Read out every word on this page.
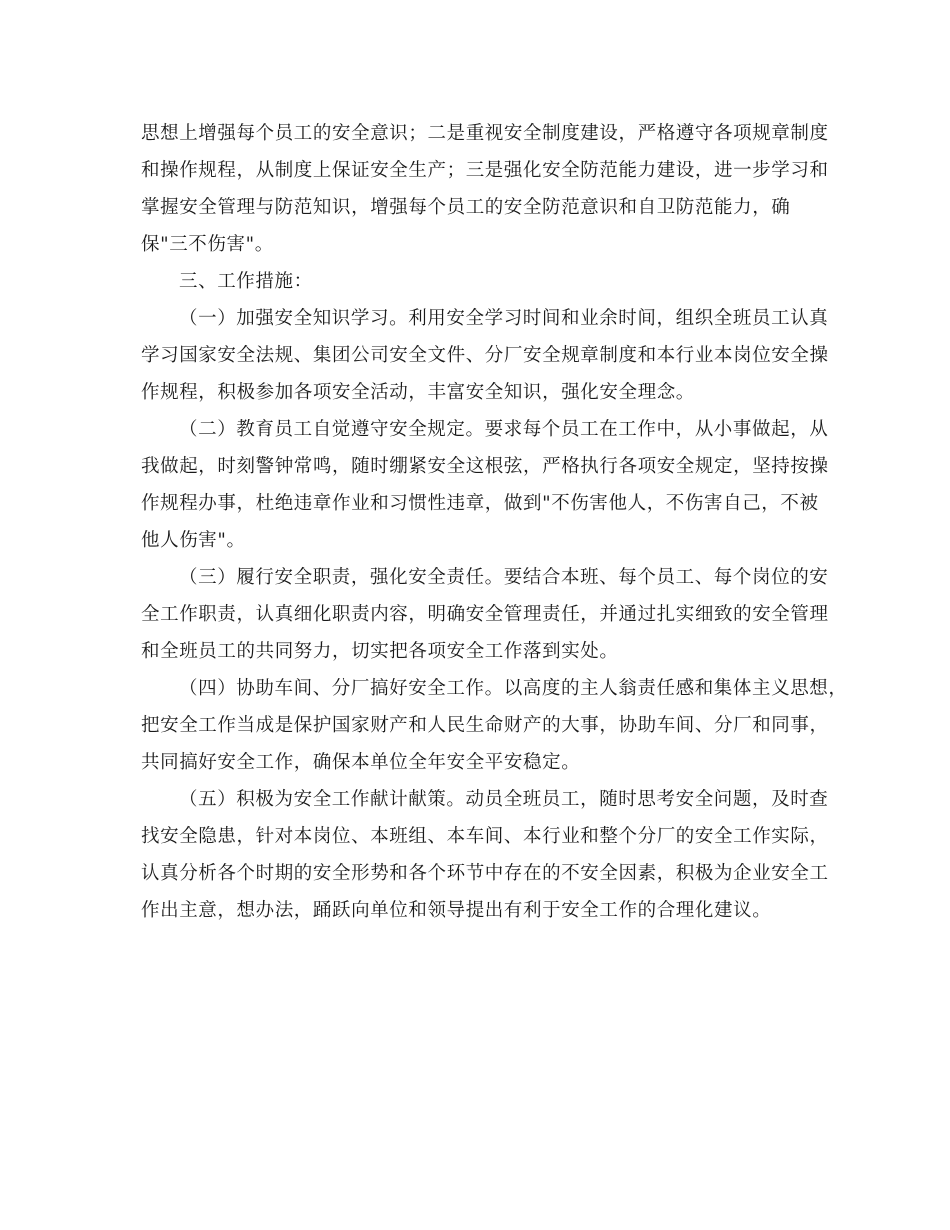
思想上增强每个员工的安全意识；二是重视安全制度建设，严格遵守各项规章制度
和操作规程，从制度上保证安全生产；三是强化安全防范能力建设，进一步学习和
掌握安全管理与防范知识，增强每个员工的安全防范意识和自卫防范能力，确
保"三不伤害"。
三、工作措施：
（一）加强安全知识学习。利用安全学习时间和业余时间，组织全班员工认真
学习国家安全法规、集团公司安全文件、分厂安全规章制度和本行业本岗位安全操
作规程，积极参加各项安全活动，丰富安全知识，强化安全理念。
（二）教育员工自觉遵守安全规定。要求每个员工在工作中，从小事做起，从
我做起，时刻警钟常鸣，随时绷紧安全这根弦，严格执行各项安全规定，坚持按操
作规程办事，杜绝违章作业和习惯性违章，做到"不伤害他人，不伤害自己，不被
他人伤害"。
（三）履行安全职责，强化安全责任。要结合本班、每个员工、每个岗位的安
全工作职责，认真细化职责内容，明确安全管理责任，并通过扎实细致的安全管理
和全班员工的共同努力，切实把各项安全工作落到实处。
（四）协助车间、分厂搞好安全工作。以高度的主人翁责任感和集体主义思想，
把安全工作当成是保护国家财产和人民生命财产的大事，协助车间、分厂和同事，
共同搞好安全工作，确保本单位全年安全平安稳定。
（五）积极为安全工作献计献策。动员全班员工，随时思考安全问题，及时查
找安全隐患，针对本岗位、本班组、本车间、本行业和整个分厂的安全工作实际，
认真分析各个时期的安全形势和各个环节中存在的不安全因素，积极为企业安全工
作出主意，想办法，踊跃向单位和领导提出有利于安全工作的合理化建议。
